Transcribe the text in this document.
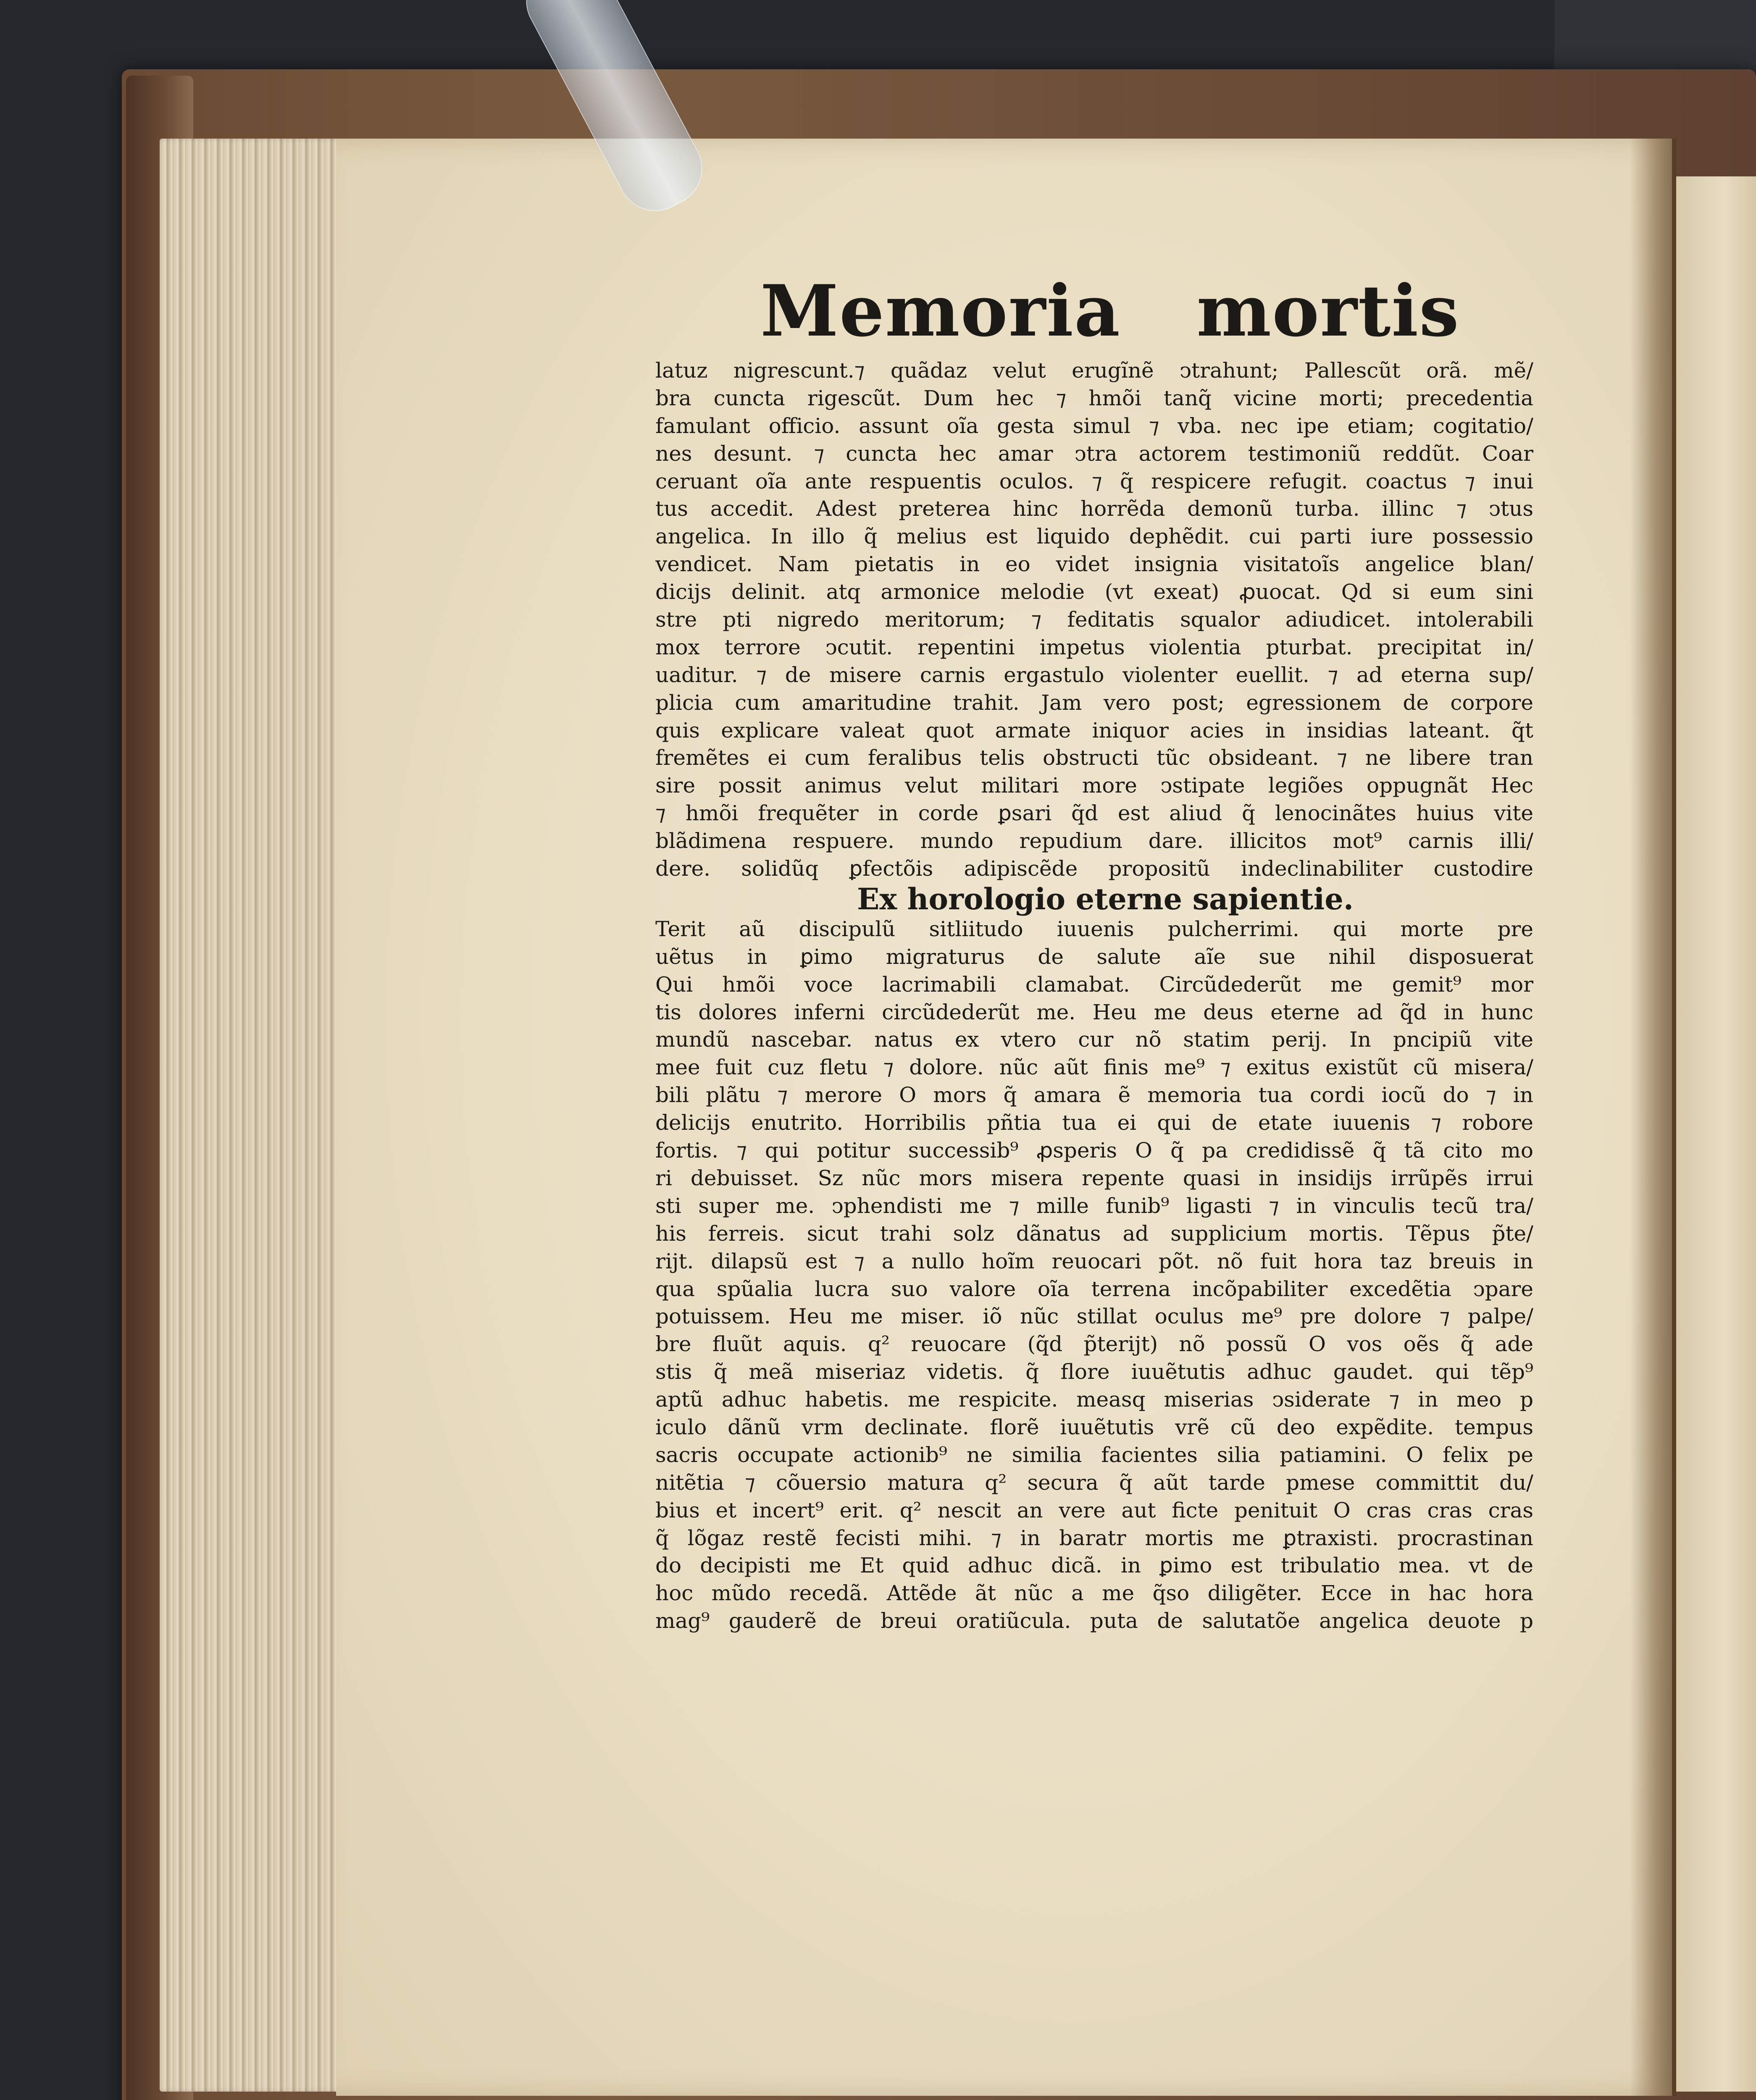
Memoria mortis
latuz nigrescunt.⁊ quãdaz velut erugĩnẽ ↄtrahunt; Pallescũt orã. mẽ/
bra cuncta rigescũt. Dum hec ⁊ hmõi tanq̃ vicine morti; precedentia
famulant officio. assunt oĩa gesta simul ⁊ vba. nec ipe etiam; cogitatio/
nes desunt. ⁊ cuncta hec amar ↄtra actorem testimoniũ reddũt. Coar
ceruant oĩa ante respuentis oculos. ⁊ q̃ respicere refugit. coactus ⁊ inui
tus accedit. Adest preterea hinc horrẽda demonũ turba. illinc ⁊ ↄtus
angelica. In illo q̃ melius est liquido dephẽdit. cui parti iure possessio
vendicet. Nam pietatis in eo videt insignia visitatoĩs angelice blan/
dicijs delinit. atq armonice melodie (vt exeat) ꝓuocat. Qd si eum sini
stre pti nigredo meritorum; ⁊ feditatis squalor adiudicet. intolerabili
mox terrore ↄcutit. repentini impetus violentia pturbat. precipitat in/
uaditur. ⁊ de misere carnis ergastulo violenter euellit. ⁊ ad eterna sup/
plicia cum amaritudine trahit. Jam vero post; egressionem de corpore
quis explicare valeat quot armate iniquor acies in insidias lateant. q̃t
fremẽtes ei cum feralibus telis obstructi tũc obsideant. ⁊ ne libere tran
sire possit animus velut militari more ↄstipate legiões oppugnãt Hec
⁊ hmõi frequẽter in corde ꝑsari q̃d est aliud q̃ lenocinãtes huius vite
blãdimena respuere. mundo repudium dare. illicitos mot⁹ carnis illi/
dere. solidũq ꝑfectõis adipiscẽde propositũ indeclinabiliter custodire
Ex horologio eterne sapientie.
Terit aũ discipulũ sitliitudo iuuenis pulcherrimi. qui morte pre
uẽtus in ꝑimo migraturus de salute aĩe sue nihil disposuerat
Qui hmõi voce lacrimabili clamabat. Circũdederũt me gemit⁹ mor
tis dolores inferni circũdederũt me. Heu me deus eterne ad q̃d in hunc
mundũ nascebar. natus ex vtero cur nõ statim perij. In pncipiũ vite
mee fuit cuz fletu ⁊ dolore. nũc aũt finis me⁹ ⁊ exitus existũt cũ misera/
bili plãtu ⁊ merore O mors q̃ amara ẽ memoria tua cordi iocũ do ⁊ in
delicijs enutrito. Horribilis pñtia tua ei qui de etate iuuenis ⁊ robore
fortis. ⁊ qui potitur successib⁹ ꝓsperis O q̃ pa credidissẽ q̃ tã cito mo
ri debuisset. Sz nũc mors misera repente quasi in insidijs irrũpẽs irrui
sti super me. ↄphendisti me ⁊ mille funib⁹ ligasti ⁊ in vinculis tecũ tra/
his ferreis. sicut trahi solz dãnatus ad supplicium mortis. Tẽpus p̃te/
rijt. dilapsũ est ⁊ a nullo hoĩm reuocari põt. nõ fuit hora taz breuis in
qua spũalia lucra suo valore oĩa terrena incõpabiliter excedẽtia ↄpare
potuissem. Heu me miser. iõ nũc stillat oculus me⁹ pre dolore ⁊ palpe/
bre fluũt aquis. q² reuocare (q̃d p̃terijt) nõ possũ O vos oẽs q̃ ade
stis q̃ meã miseriaz videtis. q̃ flore iuuẽtutis adhuc gaudet. qui tẽp⁹
aptũ adhuc habetis. me respicite. measq miserias ↄsiderate ⁊ in meo p
iculo dãnũ vrm declinate. florẽ iuuẽtutis vrẽ cũ deo expẽdite. tempus
sacris occupate actionib⁹ ne similia facientes silia patiamini. O felix pe
nitẽtia ⁊ cõuersio matura q² secura q̃ aũt tarde pmese committit du/
bius et incert⁹ erit. q² nescit an vere aut ficte penituit O cras cras cras
q̃ lõgaz restẽ fecisti mihi. ⁊ in baratr mortis me ꝑtraxisti. procrastinan
do decipisti me Et quid adhuc dicã. in ꝑimo est tribulatio mea. vt de
hoc mũdo recedã. Attẽde ãt nũc a me q̃so diligẽter. Ecce in hac hora
mag⁹ gauderẽ de breui oratiũcula. puta de salutatõe angelica deuote p
